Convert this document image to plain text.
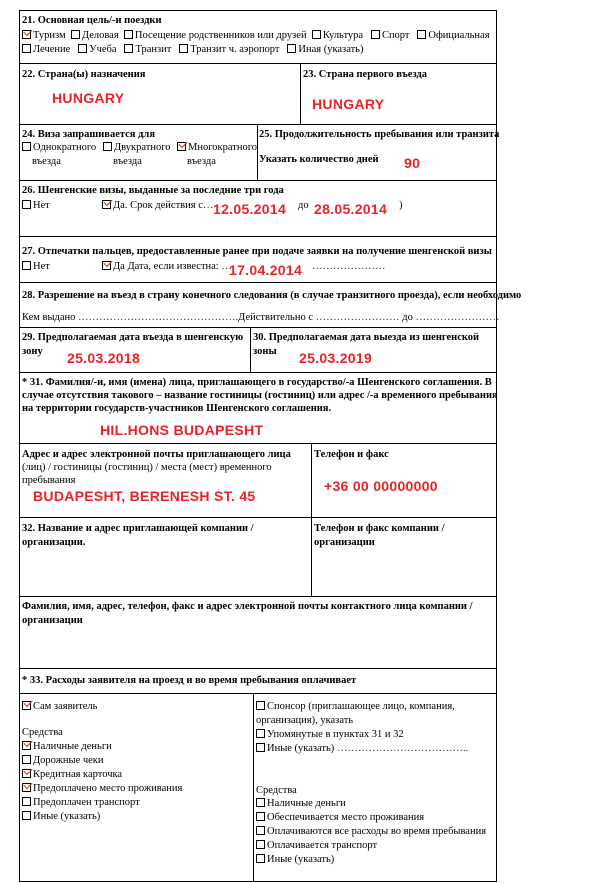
21. Основная цель/-и поездки
Туризм Деловая Посещение родственников или друзей Культура Спорт Официальная
Лечение Учеба Транзит Транзит ч. аэропорт Иная (указать)
22. Страна(ы) назначения
HUNGARY
23. Страна первого въезда
HUNGARY
24. Виза запрашивается для
Однократного
въезда
Двукратного
въезда
Многократного
въезда
25. Продолжительность пребывания или транзита
Указать количество дней 90
26. Шенгенские визы, выданные за последние три года
Нет	Да. Срок действия с… 12.05.2014 до 28.05.2014 )
27. Отпечатки пальцев, предоставленные ранее при подаче заявки на получение шенгенской визы
Нет	Да Дата, если известна: …
17.04.2014 …………………
28. Разрешение на въезд в страну конечного следования (в случае транзитного проезда), если необходимо
Кем выдано ……………………………………….Действительно с …………………… до ……………………
29. Предполагаемая дата въезда в шенгенскую
зону 25.03.2018
30. Предполагаемая дата выезда из шенгенской
зоны 25.03.2019
* 31. Фамилия/-и, имя (имена) лица, приглашающего в государство/-а Шенгенского соглашения. В
случае отсутствия такового – название гостиницы (гостиниц) или адрес /-а временного пребывания
на территории государств-участников Шенгенского соглашения.
HIL.HONS BUDAPESHT
Адрес и адрес электронной почты приглашающего лица
(лиц) / гостиницы (гостиниц) / места (мест) временного
пребывания
BUDAPESHT, BERENESH ST. 45
Телефон и факс
+36 00 00000000
32. Название и адрес приглашающей компании /
организации.
Телефон и факс компании /
организации
Фамилия, имя, адрес, телефон, факс и адрес электронной почты контактного лица компании /
организации
* 33. Расходы заявителя на проезд и во время пребывания оплачивает
Сам заявитель
Средства
Наличные деньги
Дорожные чеки
Кредитная карточка
Предоплачено место проживания
Предоплачен транспорт
Иные (указать)
Спонсор (приглашающее лицо, компания,
организация), указать
Упомянутые в пунктах 31 и 32
Иные (указать) ………………………………..
Средства
Наличные деньги
Обеспечивается место проживания
Оплачиваются все расходы во время пребывания
Оплачивается транспорт
Иные (указать)
